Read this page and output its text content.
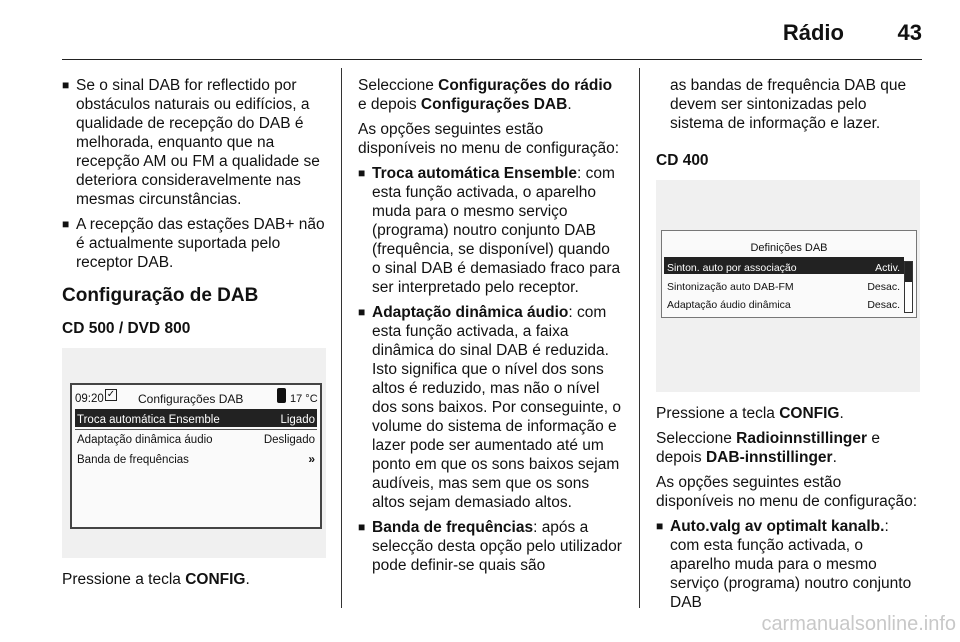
Rádio 43
■ Se o sinal DAB for reflectido por obstáculos naturais ou edifícios, a qualidade de recepção do DAB é melhorada, enquanto que na recepção AM ou FM a qualidade se deteriora consideravelmente nas mesmas circunstâncias.
■ A recepção das estações DAB+ não é actualmente suportada pelo receptor DAB.
Configuração de DAB
CD 500 / DVD 800
09:20 ✓ Configurações DAB	17 °C
Troca automática Ensemble	Ligado
Adaptação dinâmica áudio	Desligado
Banda de frequências	»

Pressione a tecla CONFIG.

Seleccione Configurações do rádio e depois Configurações DAB.

As opções seguintes estão disponíveis no menu de configuração:

■ Troca automática Ensemble: com esta função activada, o aparelho muda para o mesmo serviço (programa) noutro conjunto DAB (frequência, se disponível) quando o sinal DAB é demasiado fraco para ser interpretado pelo receptor.
■ Adaptação dinâmica áudio: com esta função activada, a faixa dinâmica do sinal DAB é reduzida. Isto significa que o nível dos sons altos é reduzido, mas não o nível dos sons baixos. Por conseguinte, o volume do sistema de informação e lazer pode ser aumentado até um ponto em que os sons baixos sejam audíveis, mas sem que os sons altos sejam demasiado altos.
■ Banda de frequências: após a selecção desta opção pelo utilizador pode definir-se quais são

as bandas de frequência DAB que devem ser sintonizadas pelo sistema de informação e lazer.

CD 400
Definições DAB
Sinton. auto por associação	Activ.
Sintonização auto DAB-FM	Desac.
Adaptação áudio dinâmica	Desac.

Pressione a tecla CONFIG.

Seleccione Radioinnstillinger e depois DAB-innstillinger.

As opções seguintes estão disponíveis no menu de configuração:

■ Auto.valg av optimalt kanalb.: com esta função activada, o aparelho muda para o mesmo serviço (programa) noutro conjunto DAB
carmanualsonline.info
